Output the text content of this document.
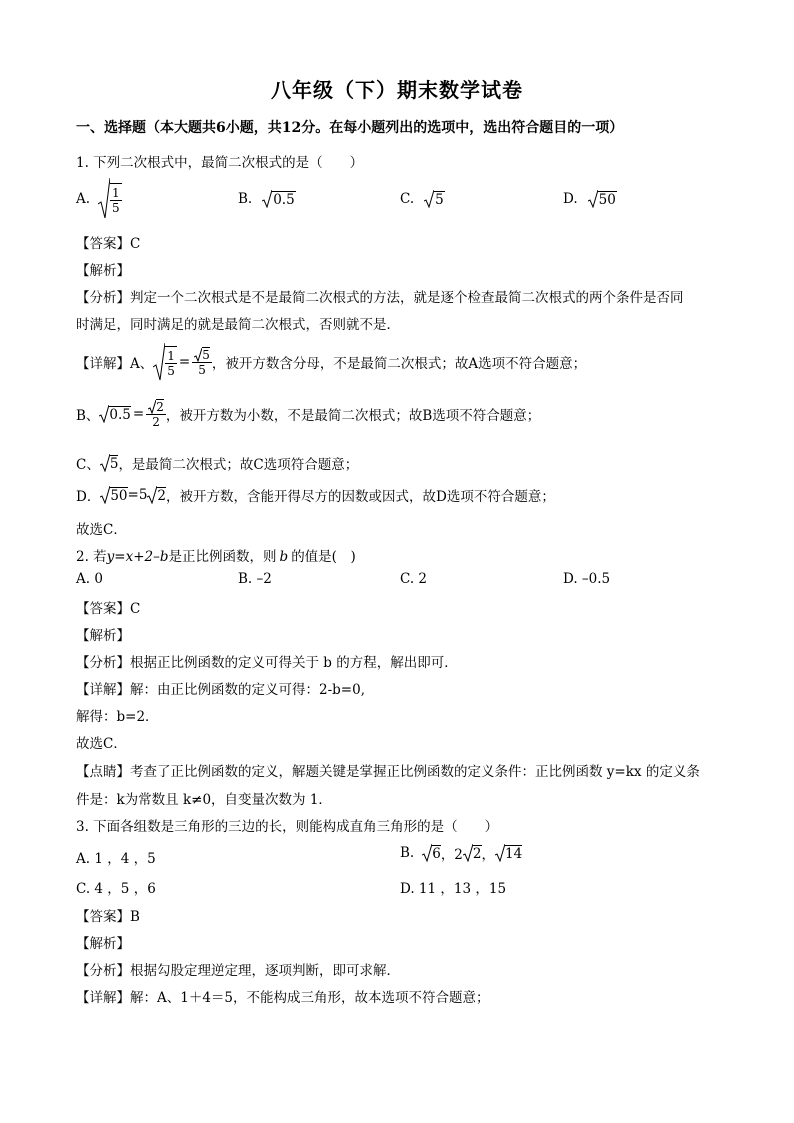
八年级（下）期末数学试卷
一、选择题（本大题共6小题，共12分。在每小题列出的选项中，选出符合题目的一项）
1. 下列二次根式中，最简二次根式的是（　　）
A. $\frac{1}{5}$	B. 0.5	C. 5	D. 50
【答案】C
【解析】
【分析】判定一个二次根式是不是最简二次根式的方法，就是逐个检查最简二次根式的两个条件是否同
时满足，同时满足的就是最简二次根式，否则就不是．
【详解】A、 $\frac{1}{5} = \frac{5}{5}$ ，被开方数含分母，不是最简二次根式；故A选项不符合题意；
B、 $0.5 = \frac{2}{2}$ ，被开方数为小数，不是最简二次根式；故B选项不符合题意；
C、 5 ，是最简二次根式；故C选项符合题意；
D． 50 =5 2 ，被开方数，含能开得尽方的因数或因式，故D选项不符合题意；
故选C．
2. 若y=x+2–b是正比例函数，则 b 的值是(　)
A. 0	B. –2	C. 2	D. –0.5
【答案】C
【解析】
【分析】根据正比例函数的定义可得关于 b 的方程，解出即可．
【详解】解：由正比例函数的定义可得：2-b=0,
解得：b=2．
故选C．
【点睛】考查了正比例函数的定义，解题关键是掌握正比例函数的定义条件：正比例函数 y=kx 的定义条
件是：k为常数且 k≠0，自变量次数为 1．
3. 下面各组数是三角形的三边的长，则能构成直角三角形的是（　　）
A. 1 ，4 ，5	B. 6 ，2 2 ， 14
C. 4 ，5 ，6	D. 11 ，13 ，15
【答案】B
【解析】
【分析】根据勾股定理逆定理，逐项判断，即可求解．
【详解】解：A、1＋4＝5，不能构成三角形，故本选项不符合题意；
